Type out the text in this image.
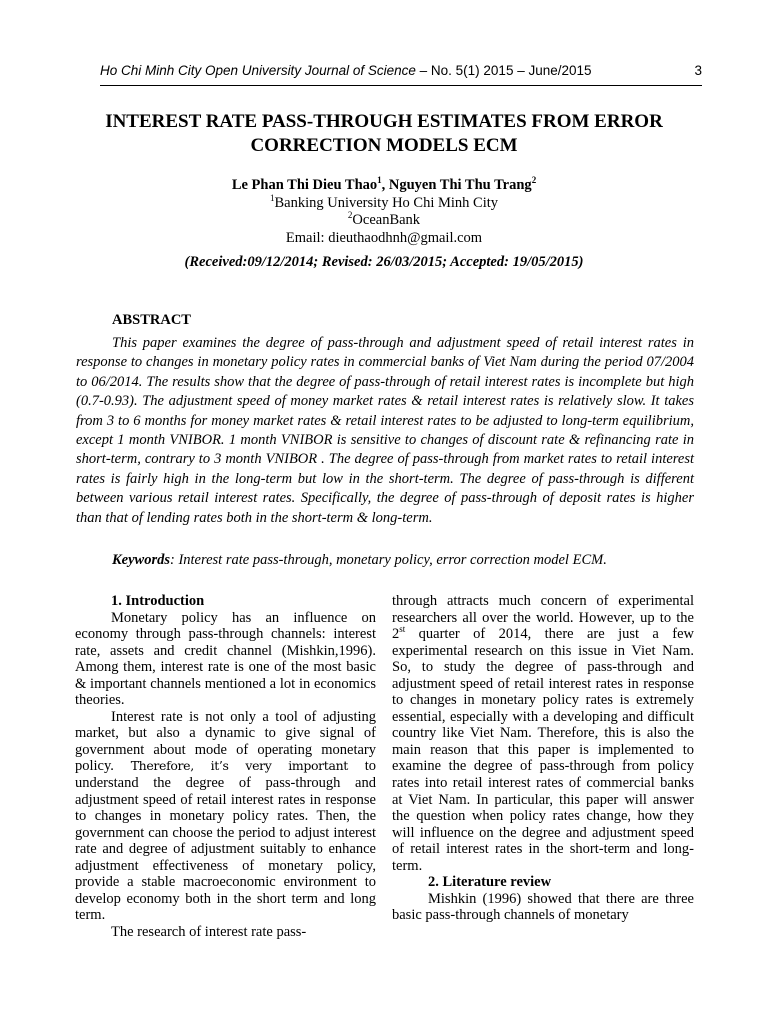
Ho Chi Minh City Open University Journal of Science – No. 5(1) 2015 – June/2015	3
INTEREST RATE PASS-THROUGH ESTIMATES FROM ERROR
CORRECTION MODELS ECM
Le Phan Thi Dieu Thao$^1$, Nguyen Thi Thu Trang$^2$
$^1$Banking University Ho Chi Minh City
$^2$OceanBank
Email: dieuthaodhnh@gmail.com
(Received:09/12/2014; Revised: 26/03/2015; Accepted: 19/05/2015)
ABSTRACT
This paper examines the degree of pass-through and adjustment speed of retail interest rates in response to changes in monetary policy rates in commercial banks of Viet Nam during the period 07/2004 to 06/2014. The results show that the degree of pass-through of retail interest rates is incomplete but high (0.7-0.93). The adjustment speed of money market rates & retail interest rates is relatively slow. It takes from 3 to 6 months for money market rates & retail interest rates to be adjusted to long-term equilibrium, except 1 month VNIBOR. 1 month VNIBOR is sensitive to changes of discount rate & refinancing rate in short-term, contrary to 3 month VNIBOR . The degree of pass-through from market rates to retail interest rates is fairly high in the long-term but low in the short-term. The degree of pass-through is different between various retail interest rates. Specifically, the degree of pass-through of deposit rates is higher than that of lending rates both in the short-term & long-term.
Keywords: Interest rate pass-through, monetary policy, error correction model ECM.
1. Introduction

Monetary policy has an influence on economy through pass-through channels: interest rate, assets and credit channel (Mishkin,1996). Among them, interest rate is one of the most basic & important channels mentioned a lot in economics theories.

Interest rate is not only a tool of adjusting market, but also a dynamic to give signal of government about mode of operating monetary policy. Therefore, it’s very important to understand the degree of pass-through and adjustment speed of retail interest rates in response to changes in monetary policy rates. Then, the government can choose the period to adjust interest rate and degree of adjustment suitably to enhance adjustment effectiveness of monetary policy, provide a stable macroeconomic environment to develop economy both in the short term and long term.

The research of interest rate pass-

through attracts much concern of experimental researchers all over the world. However, up to the 2st quarter of 2014, there are just a few experimental research on this issue in Viet Nam. So, to study the degree of pass-through and adjustment speed of retail interest rates in response to changes in monetary policy rates is extremely essential, especially with a developing and difficult country like Viet Nam. Therefore, this is also the main reason that this paper is implemented to examine the degree of pass-through from policy rates into retail interest rates of commercial banks at Viet Nam. In particular, this paper will answer the question when policy rates change, how they will influence on the degree and adjustment speed of retail interest rates in the short-term and long-term.

2. Literature review

Mishkin (1996) showed that there are three basic pass-through channels of monetary
